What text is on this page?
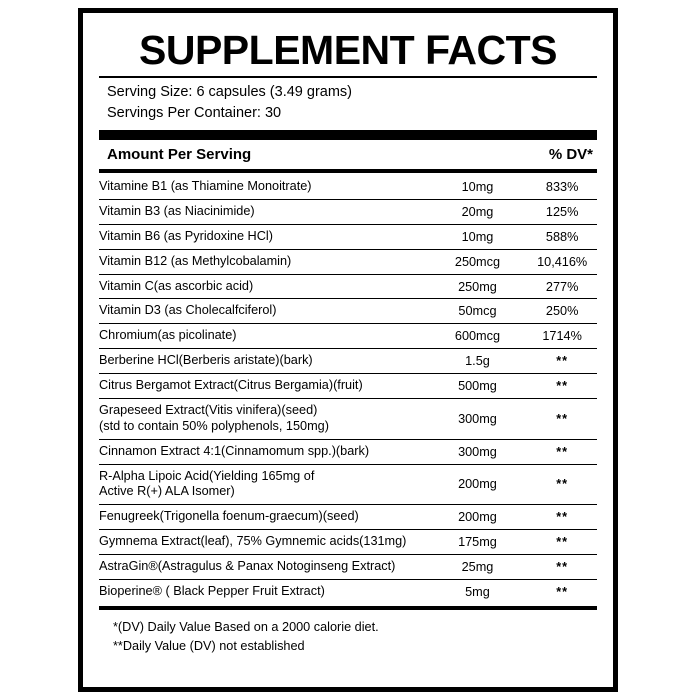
SUPPLEMENT FACTS
Serving Size: 6 capsules (3.49 grams)
Servings Per Container: 30
Amount Per Serving	% DV*
Vitamine B1 (as Thiamine Monoitrate)	10mg	833%
Vitamin B3 (as Niacinimide)	20mg	125%
Vitamin B6 (as Pyridoxine HCl)	10mg	588%
Vitamin B12 (as Methylcobalamin)	250mcg	10,416%
Vitamin C(as ascorbic acid)	250mg	277%
Vitamin D3 (as Cholecalfciferol)	50mcg	250%
Chromium(as picolinate)	600mcg	1714%
Berberine HCl(Berberis aristate)(bark)	1.5g	**
Citrus Bergamot Extract(Citrus Bergamia)(fruit)	500mg	**

Grapeseed Extract(Vitis vinifera)(seed)
(std to contain 50% polyphenols, 150mg)	300mg	**
Cinnamon Extract 4:1(Cinnamomum spp.)(bark)	300mg	**

R-Alpha Lipoic Acid(Yielding 165mg of
Active R(+) ALA Isomer)	200mg	**
Fenugreek(Trigonella foenum-graecum)(seed)	200mg	**
Gymnema Extract(leaf), 75% Gymnemic acids(131mg)	175mg	**
AstraGin®(Astragulus & Panax Notoginseng Extract)	25mg	**
Bioperine® ( Black Pepper Fruit Extract)	5mg	**
*(DV) Daily Value Based on a 2000 calorie diet.
**Daily Value (DV) not established
